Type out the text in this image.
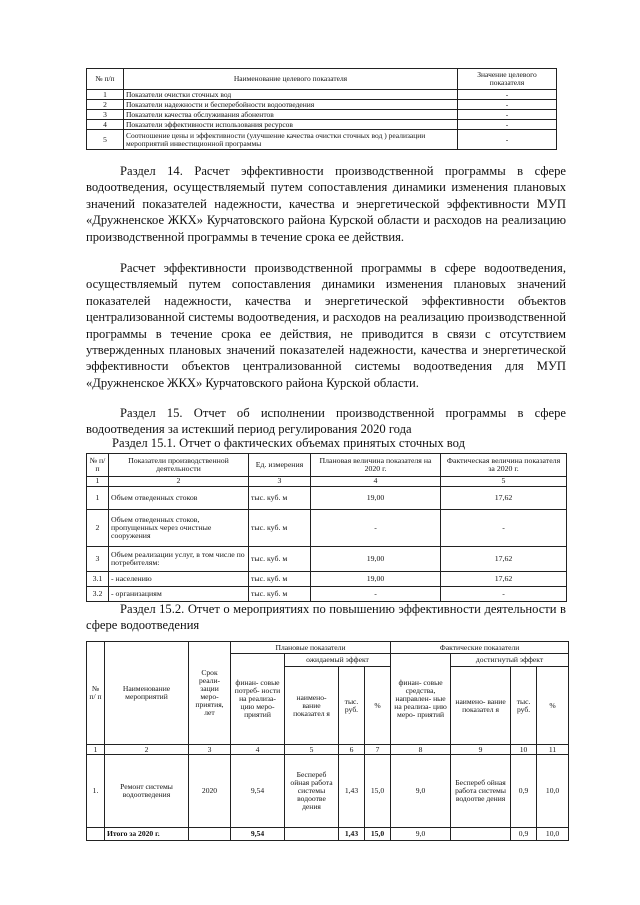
№ п/п	Наименование целевого показателя	Значение целевого показателя
1	Показатели очистки сточных вод	-
2	Показатели надежности и бесперебойности водоотведения	-
3	Показатели качества обслуживания абонентов	-
4	Показатели эффективности использования ресурсов	-
5	Соотношение цены и эффективности (улучшение качества очистки сточных вод ) реализации мероприятий инвестиционной программы	-

Раздел 14. Расчет эффективности производственной программы в сфере водоотведения, осуществляемый путем сопоставления динамики изменения плановых значений показателей надежности, качества и энергетической эффективности МУП «Дружненское ЖКХ» Курчатовского района Курской области и расходов на реализацию производственной программы в течение срока ее действия.

Расчет эффективности производственной программы в сфере водоотведения, осуществляемый путем сопоставления динамики изменения плановых значений показателей надежности, качества и энергетической эффективности объектов централизованной системы водоотведения, и расходов на реализацию производственной программы в течение срока ее действия, не приводится в связи с отсутствием утвержденных плановых значений показателей надежности, качества и энергетической эффективности объектов централизованной системы водоотведения для МУП «Дружненское ЖКХ» Курчатовского района Курской области.

Раздел 15. Отчет об исполнении производственной программы в сфере водоотведения за истекший период регулирования 2020 года

Раздел 15.1. Отчет о фактических объемах принятых сточных вод

№ п/п	Показатели производственной деятельности	Ед. измерения	Плановая величина показателя на 2020 г.	Фактическая величина показателя за 2020 г.
1	2	3	4	5
1	Объем отведенных стоков	тыс. куб. м	19,00	17,62
2	Объем отведенных стоков, пропущенных через очистные сооружения	тыс. куб. м	-	-
3	Объем реализации услуг, в том числе по потребителям:	тыс. куб. м	19,00	17,62
3.1	- населению	тыс. куб. м	19,00	17,62
3.2	- организациям	тыс. куб. м	-	-

Раздел 15.2. Отчет о мероприятиях по повышению эффективности деятельности в сфере водоотведения

№ п/ п	Наименование мероприятий	Срок реали- зации меро- приятия, лет	Плановые показатели				Фактические показатели			
			финан- совые потреб- ности на реализа- цию меро- приятий	ожидаемый эффект			финан- совые средства, направлен- ные на реализа- цию меро- приятий	достигнутый эффект		
				наимено- вание показател я	тыс. руб.	%		наимено- вание показател я	тыс. руб.	%
1	2	3	4	5	6	7	8	9	10	11
1.	Ремонт системы водоотведения	2020	9,54	Беспереб ойная работа системы водоотве дения	1,43	15,0	9,0	Беспереб ойная работа системы водоотве дения	0,9	10,0
	Итого за 2020 г.		9,54		1,43	15,0	9,0		0,9	10,0
